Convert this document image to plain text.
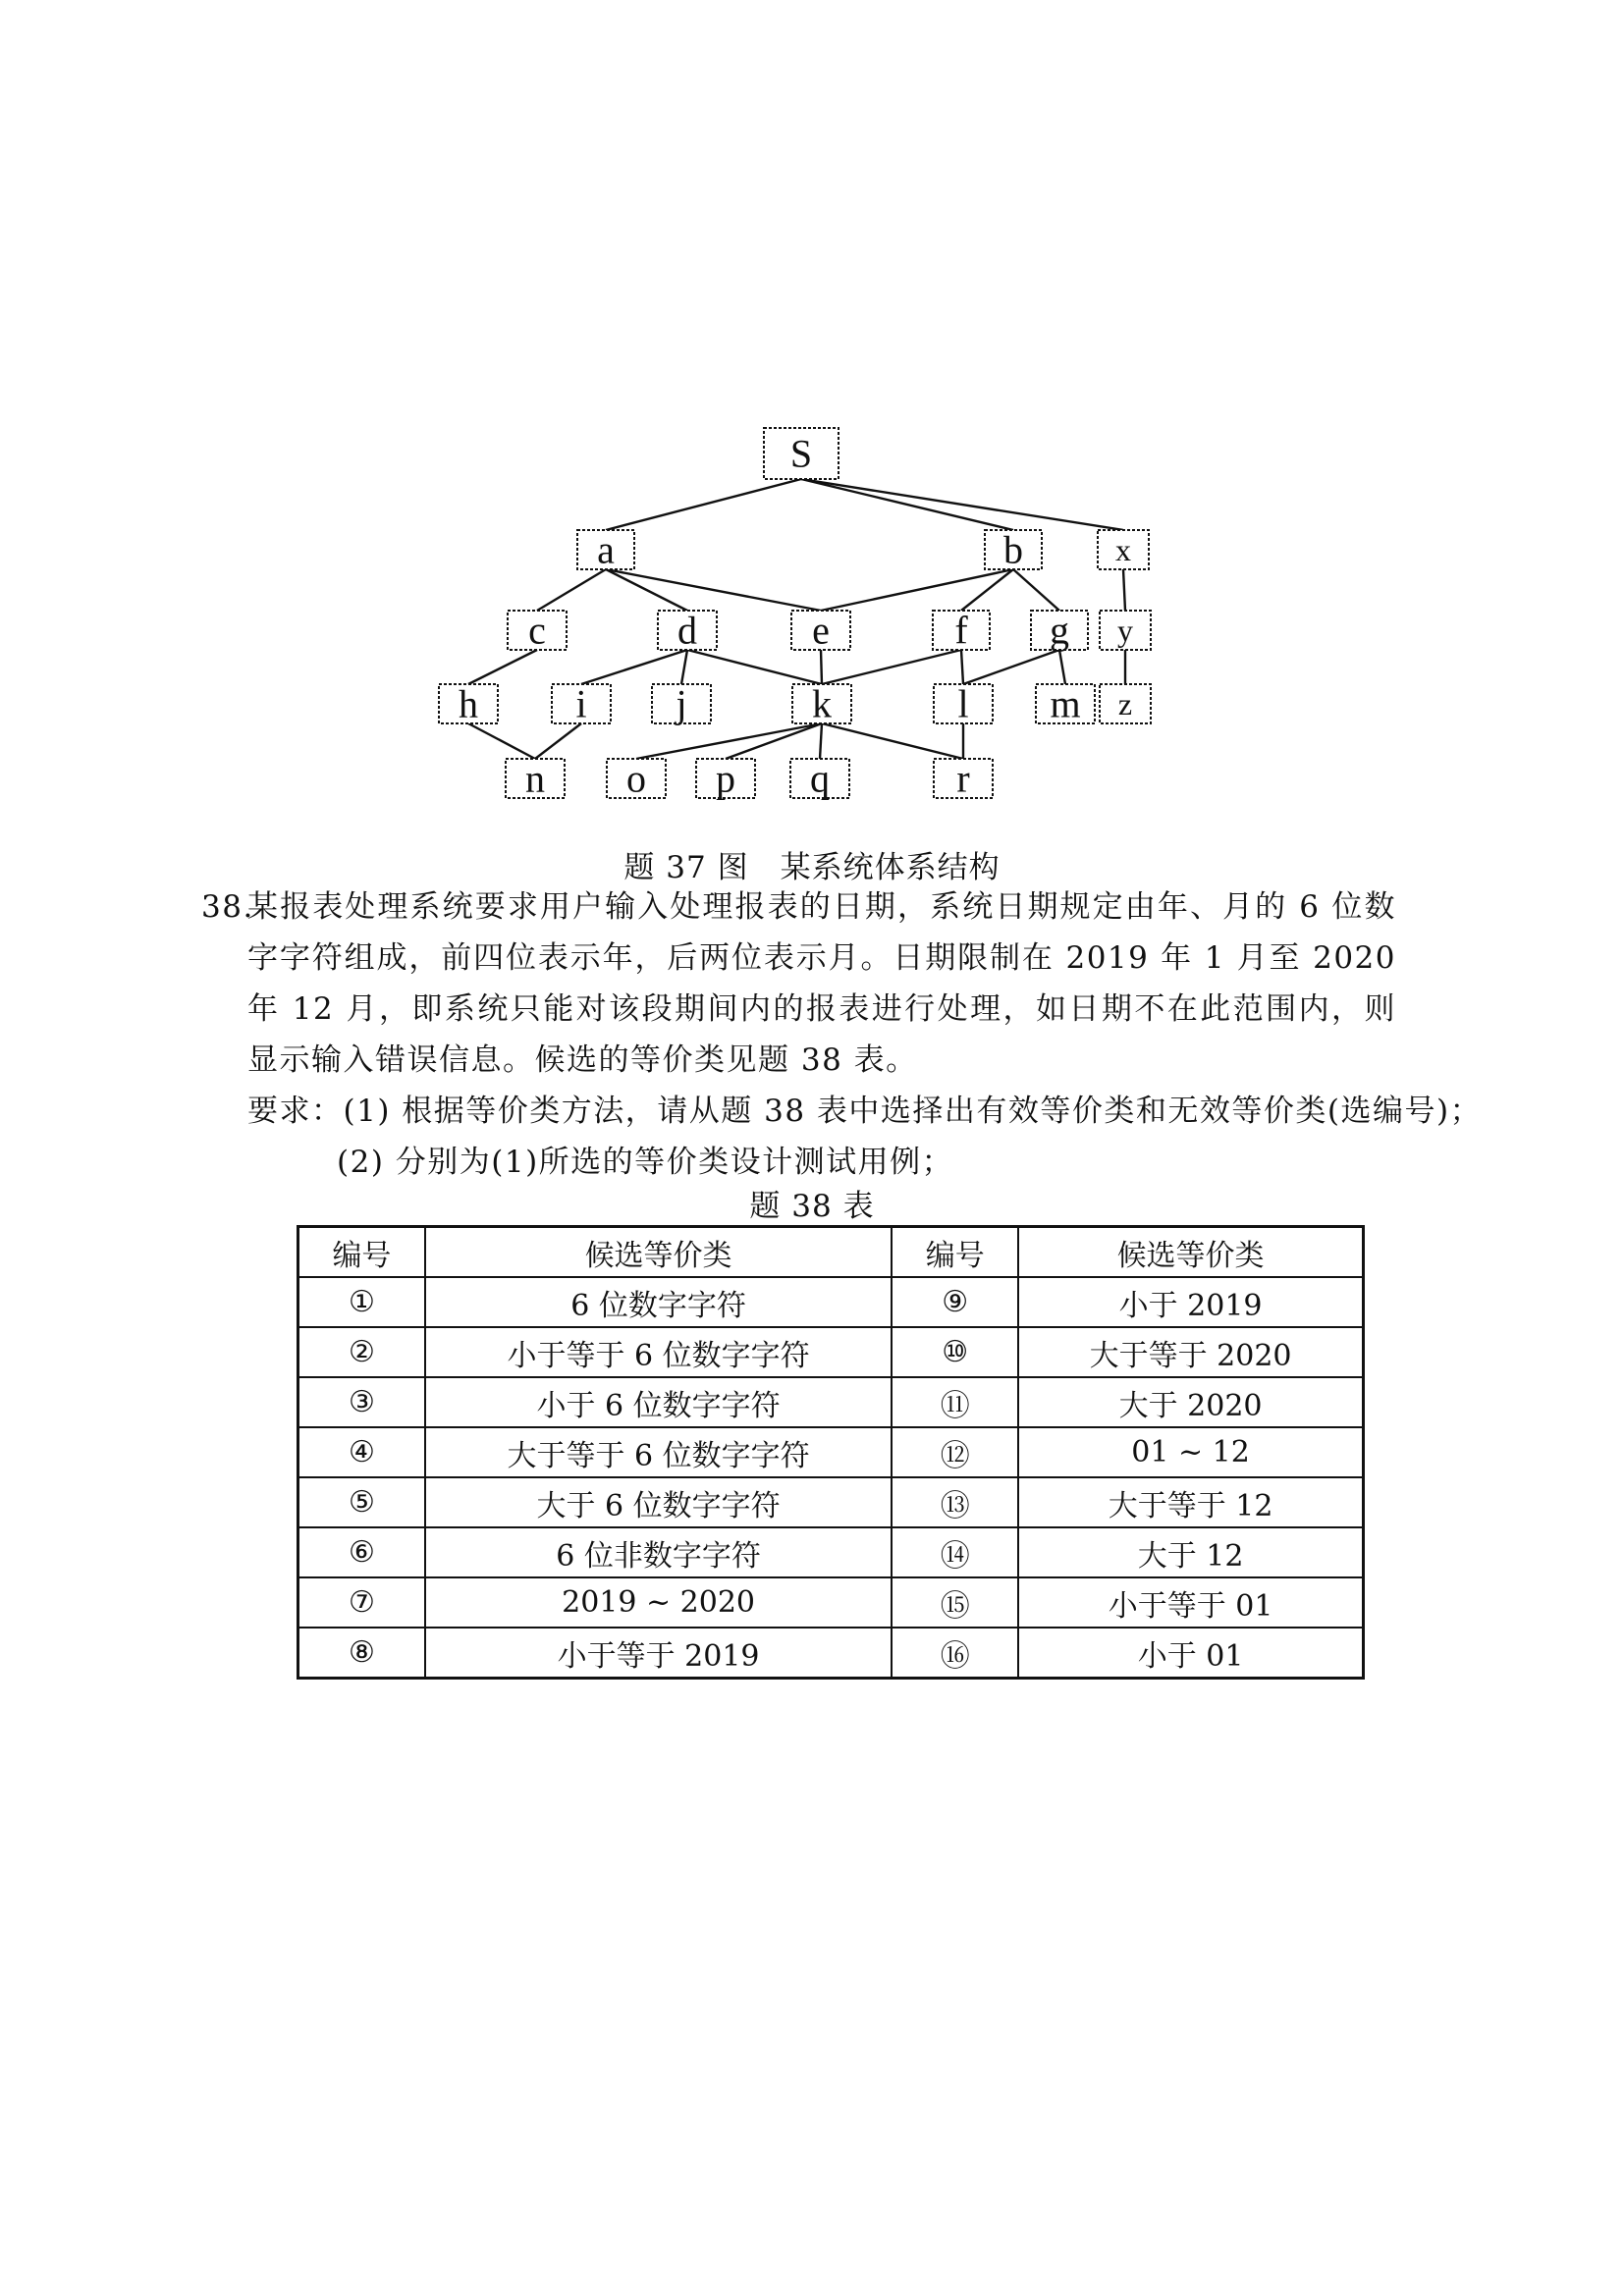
S
a	b	x
c	d	e	f g y
h i j	k	l m z
n o p q	r
题 37 图　某系统体系结构
38.
某报表处理系统要求用户输入处理报表的日期，系统日期规定由年、月的 6 位数字字符组成，前四位表示年，后两位表示月。日期限制在 2019 年 1 月至 2020 年 12 月，即系统只能对该段期间内的报表进行处理，如日期不在此范围内，则显示输入错误信息。候选的等价类见题 38 表。
要求：(1) 根据等价类方法，请从题 38 表中选择出有效等价类和无效等价类(选编号)；
(2) 分别为(1)所选的等价类设计测试用例；
题 38 表
编号	候选等价类	编号	候选等价类
①	6 位数字字符	⑨	小于 2019
②	小于等于 6 位数字字符	⑩	大于等于 2020
③	小于 6 位数字字符	⑪	大于 2020
④	大于等于 6 位数字字符	⑫	01 ~ 12
⑤	大于 6 位数字字符	⑬	大于等于 12
⑥	6 位非数字字符	⑭	大于 12
⑦	2019 ~ 2020	⑮	小于等于 01
⑧	小于等于 2019	⑯	小于 01
